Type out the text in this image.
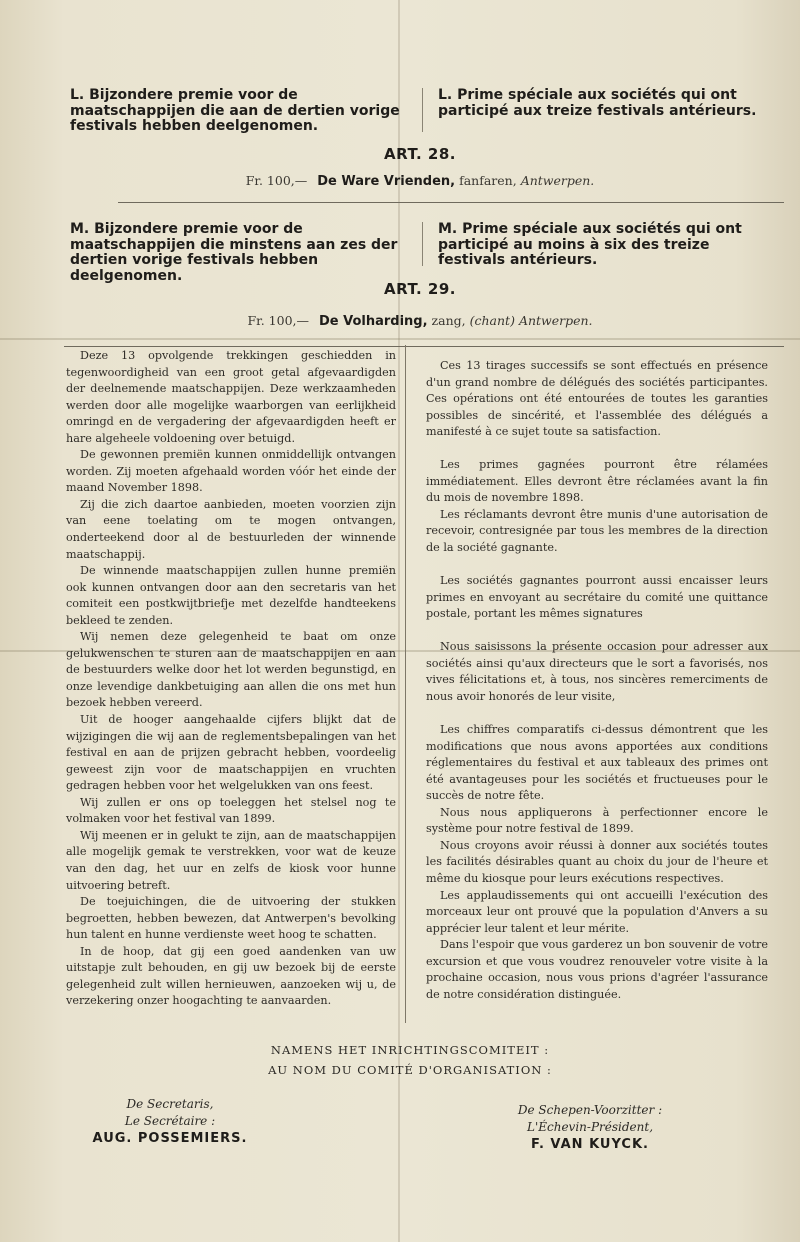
L. Bijzondere premie voor de maatschappijen die aan de dertien vorige festivals hebben deelgenomen.
L. Prime spéciale aux sociétés qui ont participé aux treize festivals antérieurs.
ART. 28.
Fr. 100,— De Ware Vrienden, fanfaren, Antwerpen.
M. Bijzondere premie voor de maatschappijen die minstens aan zes der dertien vorige festivals hebben deelgenomen.
M. Prime spéciale aux sociétés qui ont participé au moins à six des treize festivals antérieurs.
ART. 29.
Fr. 100,— De Volharding, zang, (chant) Antwerpen.

Deze 13 opvolgende trekkingen geschiedden in tegenwoordigheid van een groot getal afgevaardigden der deelnemende maatschappijen. Deze werkzaamheden werden door alle mogelijke waarborgen van eerlijkheid omringd en de vergadering der afgevaardigden heeft er hare algeheele voldoening over betuigd.

De gewonnen premiën kunnen onmiddellijk ontvangen worden. Zij moeten afgehaald worden vóór het einde der maand November 1898.

Zij die zich daartoe aanbieden, moeten voorzien zijn van eene toelating om te mogen ontvangen, onderteekend door al de bestuurleden der winnende maatschappij.

De winnende maatschappijen zullen hunne premiën ook kunnen ontvangen door aan den secretaris van het comiteit een postkwijtbriefje met dezelfde handteekens bekleed te zenden.

Wij nemen deze gelegenheid te baat om onze gelukwenschen te sturen aan de maatschappijen en aan de bestuurders welke door het lot werden begunstigd, en onze levendige dankbetuiging aan allen die ons met hun bezoek hebben vereerd.

Uit de hooger aangehaalde cijfers blijkt dat de wijzigingen die wij aan de reglementsbepalingen van het festival en aan de prijzen gebracht hebben, voordeelig geweest zijn voor de maatschappijen en vruchten gedragen hebben voor het welgelukken van ons feest.

Wij zullen er ons op toeleggen het stelsel nog te volmaken voor het festival van 1899.

Wij meenen er in gelukt te zijn, aan de maatschappijen alle mogelijk gemak te verstrekken, voor wat de keuze van den dag, het uur en zelfs de kiosk voor hunne uitvoering betreft.

De toejuichingen, die de uitvoering der stukken begroetten, hebben bewezen, dat Antwerpen's bevolking hun talent en hunne verdienste weet hoog te schatten.

In de hoop, dat gij een goed aandenken van uw uitstapje zult behouden, en gij uw bezoek bij de eerste gelegenheid zult willen hernieuwen, aanzoeken wij u, de verzekering onzer hoogachting te aanvaarden.

Ces 13 tirages successifs se sont effectués en présence d'un grand nombre de délégués des sociétés participantes. Ces opérations ont été entourées de toutes les garanties possibles de sincérité, et l'assemblée des délégués a manifesté à ce sujet toute sa satisfaction.

Les primes gagnées pourront être rélamées immédiatement. Elles devront être réclamées avant la fin du mois de novembre 1898.

Les réclamants devront être munis d'une autorisation de recevoir, contresignée par tous les membres de la direction de la société gagnante.

Les sociétés gagnantes pourront aussi encaisser leurs primes en envoyant au secrétaire du comité une quittance postale, portant les mêmes signatures

Nous saisissons la présente occasion pour adresser aux sociétés ainsi qu'aux directeurs que le sort a favorisés, nos vives félicitations et, à tous, nos sincères remerciments de nous avoir honorés de leur visite,

Les chiffres comparatifs ci-dessus démontrent que les modifications que nous avons apportées aux conditions réglementaires du festival et aux tableaux des primes ont été avantageuses pour les sociétés et fructueuses pour le succès de notre fête.

Nous nous appliquerons à perfectionner encore le système pour notre festival de 1899.

Nous croyons avoir réussi à donner aux sociétés toutes les facilités désirables quant au choix du jour de l'heure et même du kiosque pour leurs exécutions respectives.

Les applaudissements qui ont accueilli l'exécution des morceaux leur ont prouvé que la population d'Anvers a su apprécier leur talent et leur mérite.

Dans l'espoir que vous garderez un bon souvenir de votre excursion et que vous voudrez renouveler votre visite à la prochaine occasion, nous vous prions d'agréer l'assurance de notre considération distinguée.

NAMENS HET INRICHTINGSCOMITEIT :
AU NOM DU COMITÉ D'ORGANISATION :
De Secretaris,
Le Secrétaire :
AUG. POSSEMIERS.
De Schepen-Voorzitter :
L'Échevin-Président,
F. VAN KUYCK.
